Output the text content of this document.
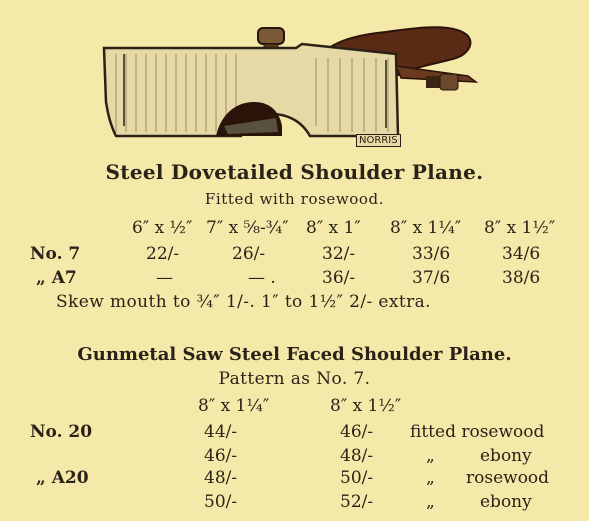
NORRIS
Steel Dovetailed Shoulder Plane.
Fitted with rosewood.
6″ x ½″ 7″ x ⅝-¾″ 8″ x 1″ 8″ x 1¼″ 8″ x 1½″
No. 7	22/-	26/-	32/-	33/6	34/6
„ A7	—	— .	36/-	37/6	38/6
Skew mouth to ¾″ 1/-. 1″ to 1½″ 2/- extra.
Gunmetal Saw Steel Faced Shoulder Plane.
Pattern as No. 7.
8″ x 1¼″	8″ x 1½″
No. 20	44/-	46/- fitted rosewood
46/-	48/-	„	ebony
„ A20	48/-	50/-	„ rosewood
50/-	52/-	„	ebony
